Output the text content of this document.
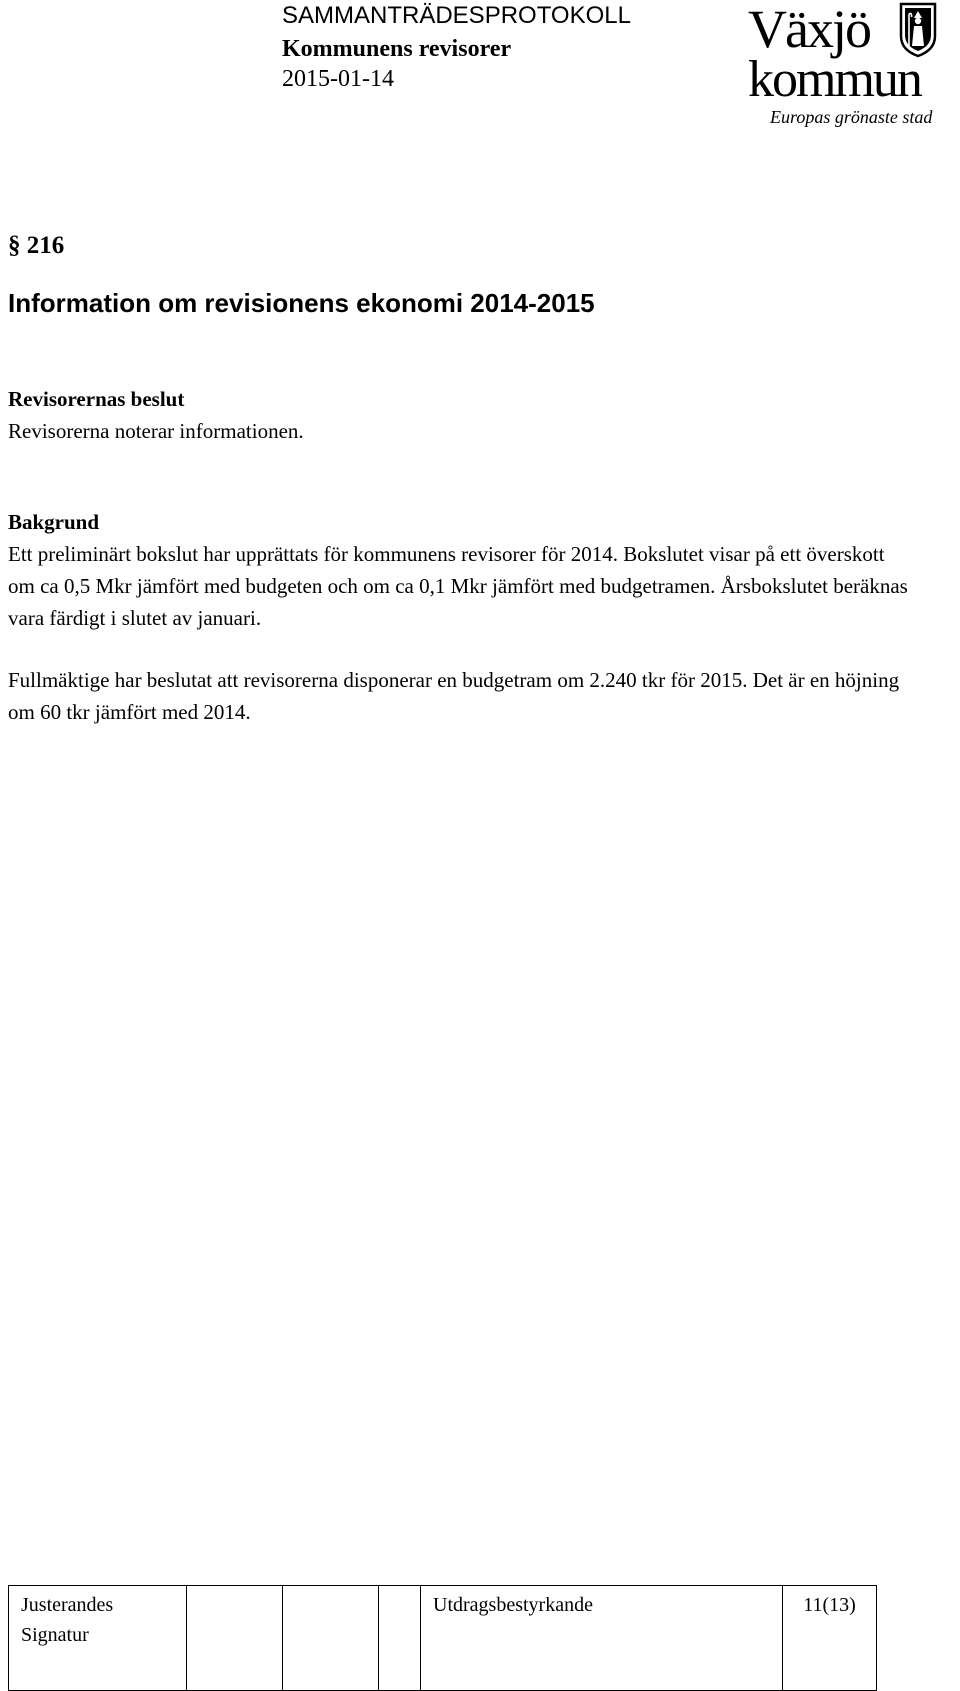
SAMMANTRÄDESPROTOKOLL
Kommunens revisorer
2015-01-14
Växjö
kommun
Europas grönaste stad
§ 216
Information om revisionens ekonomi 2014-2015
Revisorernas beslut

Revisorerna noterar informationen.

Bakgrund

Ett preliminärt bokslut har upprättats för kommunens revisorer för 2014. Bokslutet visar på ett överskott om ca 0,5 Mkr jämfört med budgeten och om ca 0,1 Mkr jämfört med budgetramen. Årsbokslutet beräknas vara färdigt i slutet av januari.

Fullmäktige har beslutat att revisorerna disponerar en budgetram om 2.240 tkr för 2015. Det är en höjning om 60 tkr jämfört med 2014.

Justerandes
Signatur

Utdragsbestyrkande	11(13)
